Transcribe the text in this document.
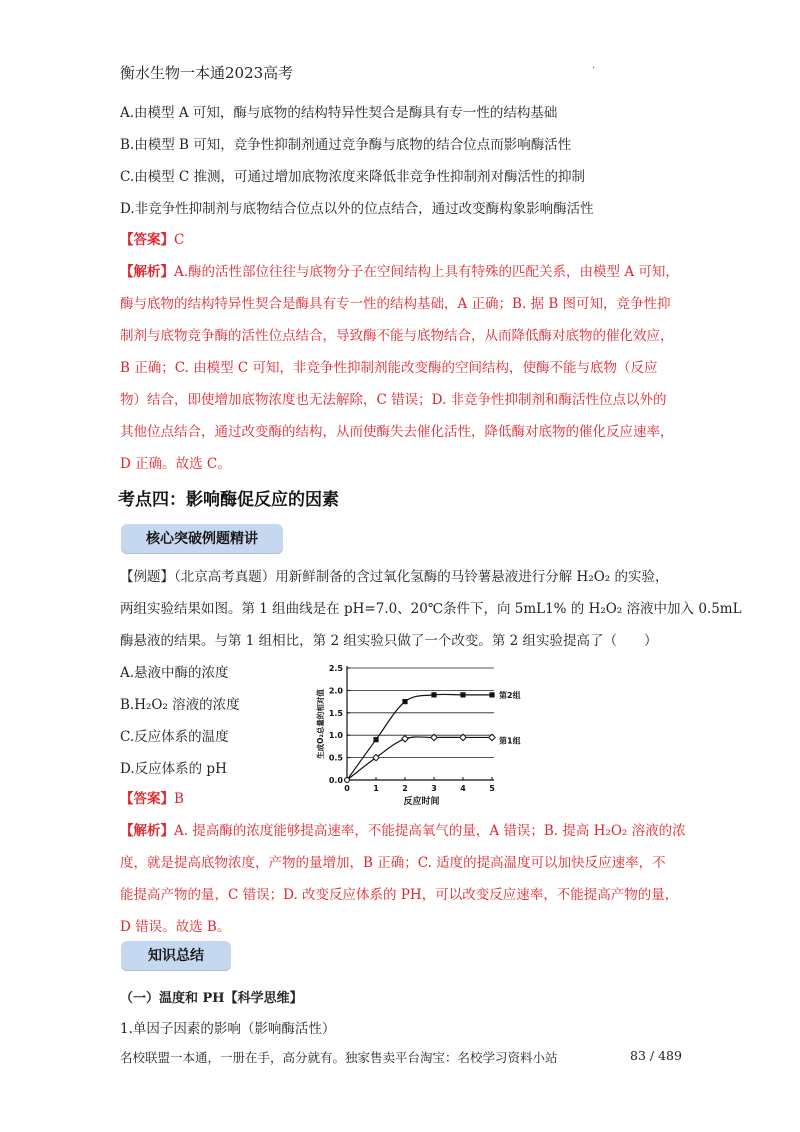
衡水生物一本通2023高考	.
A.由模型 A 可知，酶与底物的结构特异性契合是酶具有专一性的结构基础
B.由模型 B 可知，竞争性抑制剂通过竞争酶与底物的结合位点而影响酶活性
C.由模型 C 推测，可通过增加底物浓度来降低非竞争性抑制剂对酶活性的抑制
D.非竞争性抑制剂与底物结合位点以外的位点结合，通过改变酶构象影响酶活性
【答案】C
【解析】A.酶的活性部位往往与底物分子在空间结构上具有特殊的匹配关系，由模型 A 可知，
酶与底物的结构特异性契合是酶具有专一性的结构基础，A 正确；B. 据 B 图可知，竞争性抑
制剂与底物竞争酶的活性位点结合，导致酶不能与底物结合，从而降低酶对底物的催化效应，
B 正确；C. 由模型 C 可知，非竞争性抑制剂能改变酶的空间结构，使酶不能与底物（反应
物）结合，即使增加底物浓度也无法解除，C 错误；D. 非竞争性抑制剂和酶活性位点以外的
其他位点结合，通过改变酶的结构，从而使酶失去催化活性，降低酶对底物的催化反应速率，
D 正确。故选 C。
考点四：影响酶促反应的因素
核心突破例题精讲
【例题】（北京高考真题）用新鲜制备的含过氧化氢酶的马铃薯悬液进行分解 H₂O₂ 的实验，
两组实验结果如图。第 1 组曲线是在 pH=7.0、20℃条件下，向 5mL1% 的 H₂O₂ 溶液中加入 0.5mL
酶悬液的结果。与第 1 组相比，第 2 组实验只做了一个改变。第 2 组实验提高了（　　）
A.悬液中酶的浓度
B.H₂O₂ 溶液的浓度
C.反应体系的温度
D.反应体系的 pH
【答案】B
【解析】A. 提高酶的浓度能够提高速率，不能提高氧气的量，A 错误；B. 提高 H₂O₂ 溶液的浓
度，就是提高底物浓度，产物的量增加，B 正确；C. 适度的提高温度可以加快反应速率，不
能提高产物的量，C 错误；D. 改变反应体系的 PH，可以改变反应速率，不能提高产物的量，
D 错误。故选 B。
0.0
0.5
1.0
1.5
2.0
2.5
0	1	2	3	4	5
反应时间
生成O₂总量的相对值	第2组
第1组
知识总结
（一）温度和 PH【科学思维】
1.单因子因素的影响（影响酶活性）
名校联盟一本通，一册在手，高分就有。独家售卖平台淘宝：名校学习资料小站	83 / 489
